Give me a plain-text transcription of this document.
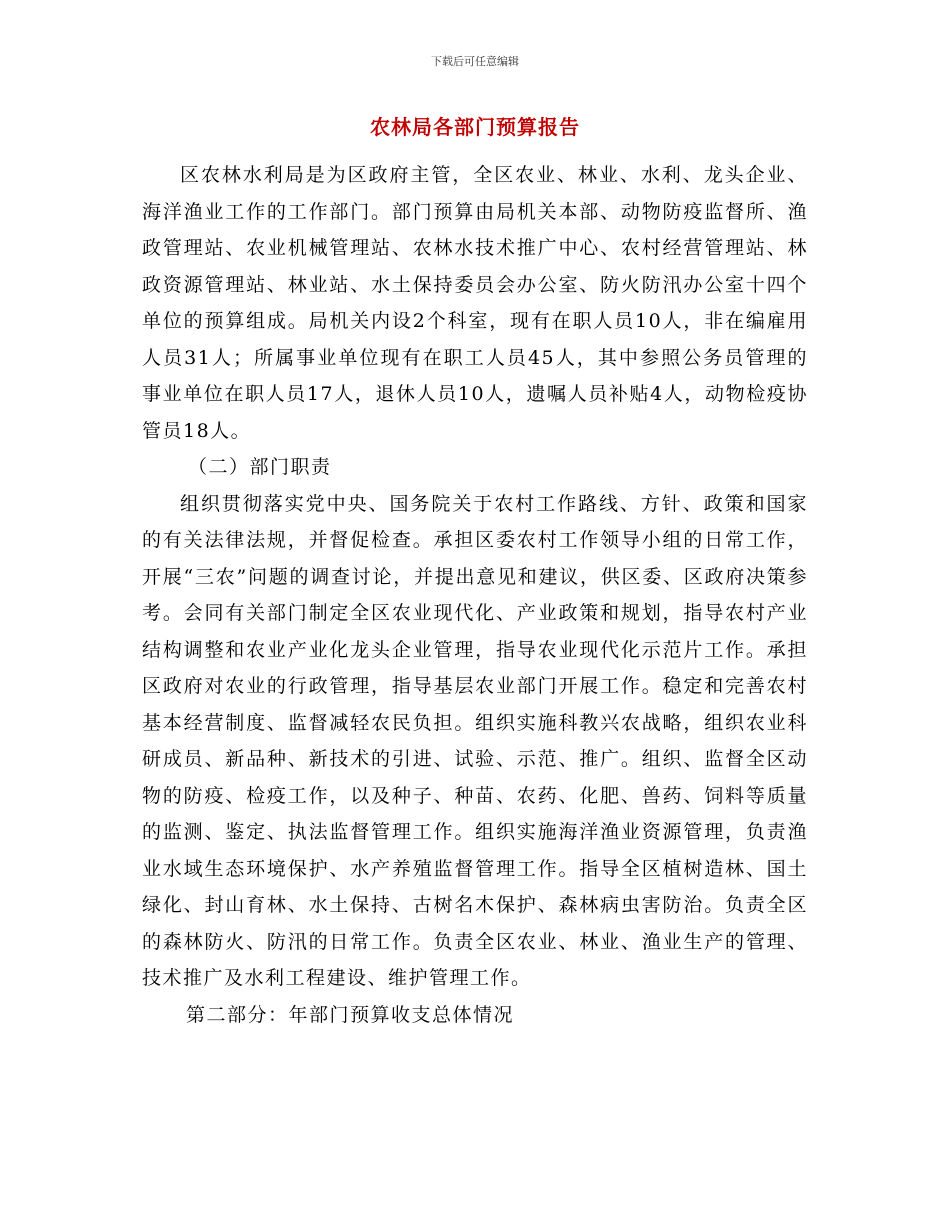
下载后可任意编辑
农林局各部门预算报告

区农林水利局是为区政府主管，全区农业、林业、水利、龙头企业、海洋渔业工作的工作部门。部门预算由局机关本部、动物防疫监督所、渔政管理站、农业机械管理站、农林水技术推广中心、农村经营管理站、林政资源管理站、林业站、水土保持委员会办公室、防火防汛办公室十四个单位的预算组成。局机关内设2个科室，现有在职人员10人，非在编雇用人员31人；所属事业单位现有在职工人员45人，其中参照公务员管理的事业单位在职人员17人，退休人员10人，遗嘱人员补贴4人，动物检疫协管员18人。

（二）部门职责

组织贯彻落实党中央、国务院关于农村工作路线、方针、政策和国家的有关法律法规，并督促检查。承担区委农村工作领导小组的日常工作，开展“三农”问题的调查讨论，并提出意见和建议，供区委、区政府决策参考。会同有关部门制定全区农业现代化、产业政策和规划，指导农村产业结构调整和农业产业化龙头企业管理，指导农业现代化示范片工作。承担区政府对农业的行政管理，指导基层农业部门开展工作。稳定和完善农村基本经营制度、监督减轻农民负担。组织实施科教兴农战略，组织农业科研成员、新品种、新技术的引进、试验、示范、推广。组织、监督全区动物的防疫、检疫工作，以及种子、种苗、农药、化肥、兽药、饲料等质量的监测、鉴定、执法监督管理工作。组织实施海洋渔业资源管理，负责渔业水域生态环境保护、水产养殖监督管理工作。指导全区植树造林、国土绿化、封山育林、水土保持、古树名木保护、森林病虫害防治。负责全区的森林防火、防汛的日常工作。负责全区农业、林业、渔业生产的管理、技术推广及水利工程建设、维护管理工作。

第二部分：年部门预算收支总体情况
